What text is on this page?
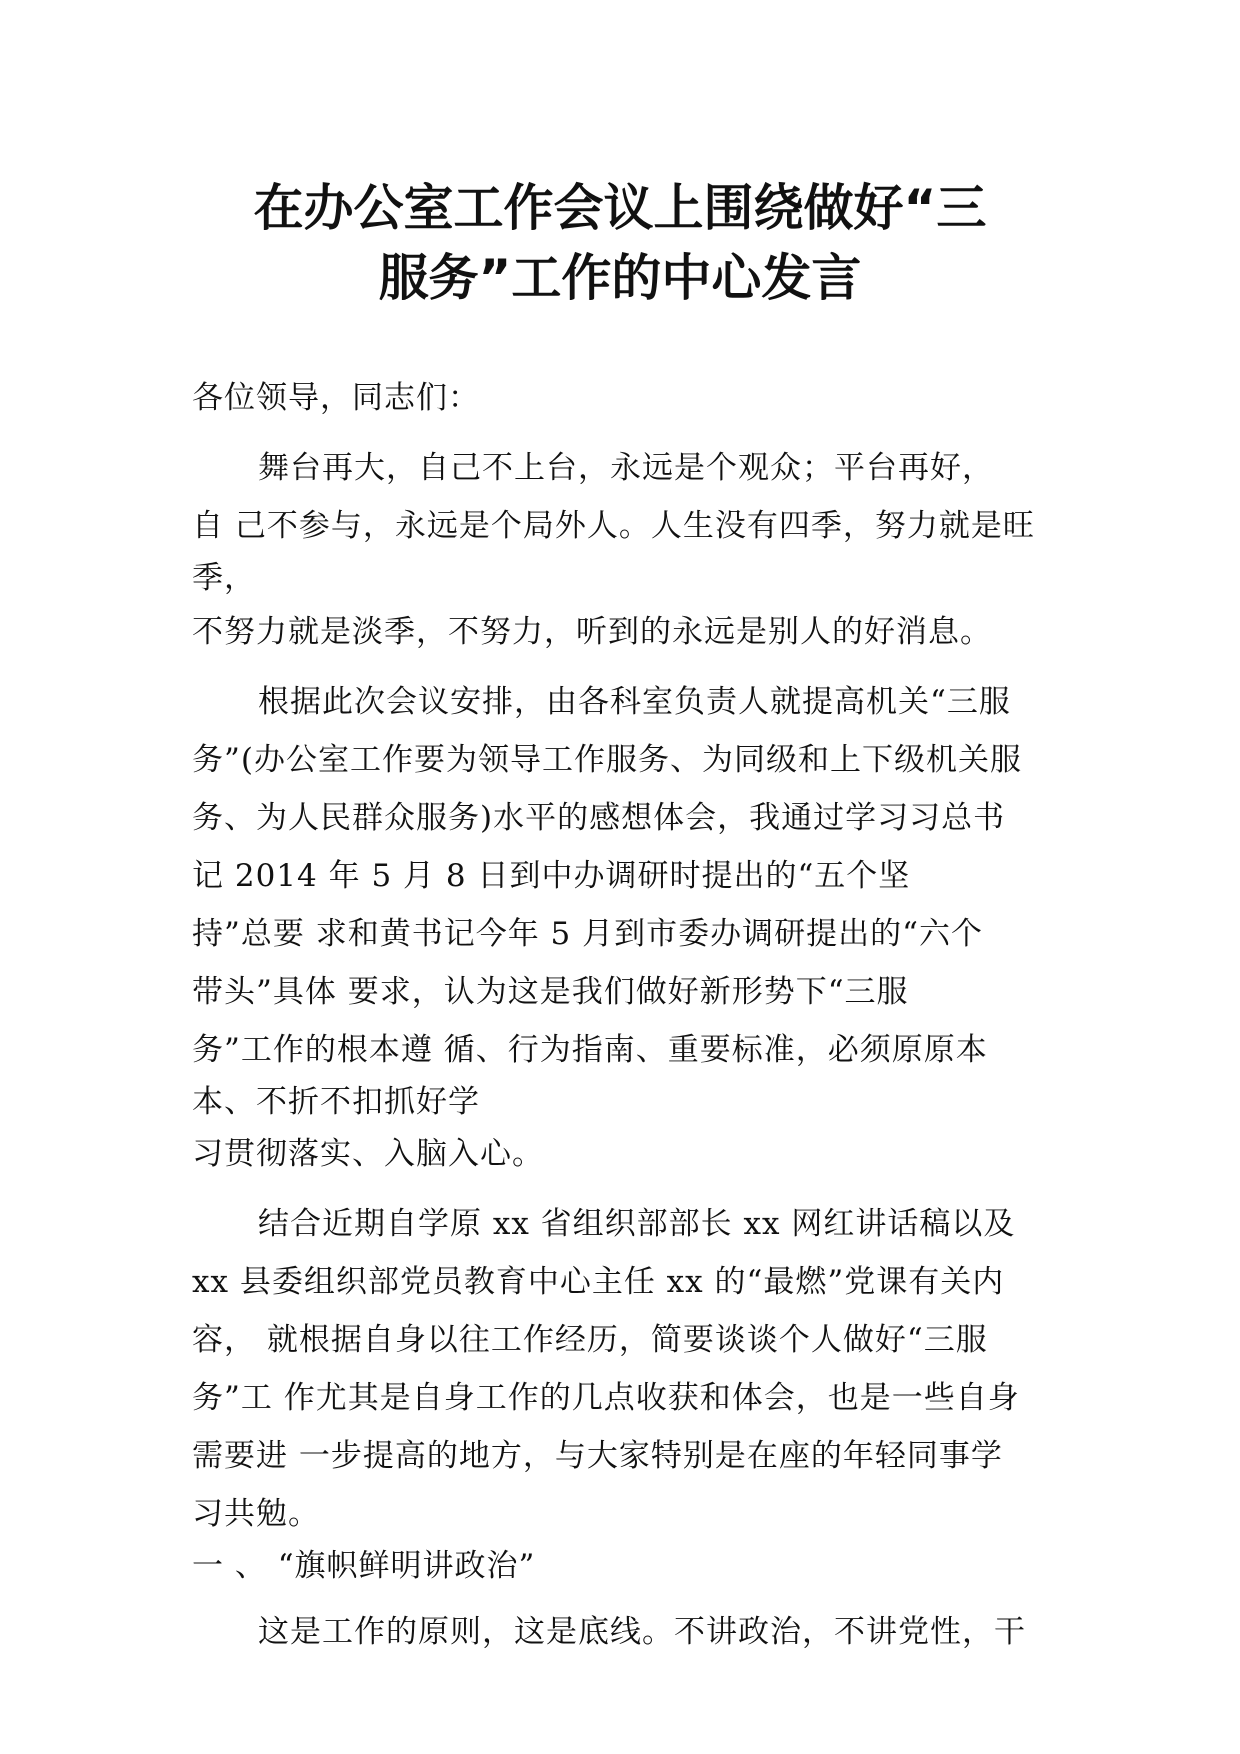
在办公室工作会议上围绕做好“三
服务”工作的中心发言
各位领导，同志们：
舞台再大，自己不上台，永远是个观众；平台再好，
自 己不参与，永远是个局外人。人生没有四季，努力就是旺
季，
不努力就是淡季，不努力，听到的永远是别人的好消息。
根据此次会议安排，由各科室负责人就提高机关“三服
务”(办公室工作要为领导工作服务、为同级和上下级机关服
务、为人民群众服务)水平的感想体会，我通过学习习总书
记 2014 年 5 月 8 日到中办调研时提出的“五个坚
持”总要 求和黄书记今年 5 月到市委办调研提出的“六个
带头”具体 要求，认为这是我们做好新形势下“三服
务”工作的根本遵 循、行为指南、重要标准，必须原原本
本、不折不扣抓好学
习贯彻落实、入脑入心。
结合近期自学原 xx 省组织部部长 xx 网红讲话稿以及
xx 县委组织部党员教育中心主任 xx 的“最燃”党课有关内
容， 就根据自身以往工作经历，简要谈谈个人做好“三服
务”工 作尤其是自身工作的几点收获和体会，也是一些自身
需要进 一步提高的地方，与大家特别是在座的年轻同事学
习共勉。
一 、 “旗帜鲜明讲政治”
这是工作的原则，这是底线。不讲政治，不讲党性，干
